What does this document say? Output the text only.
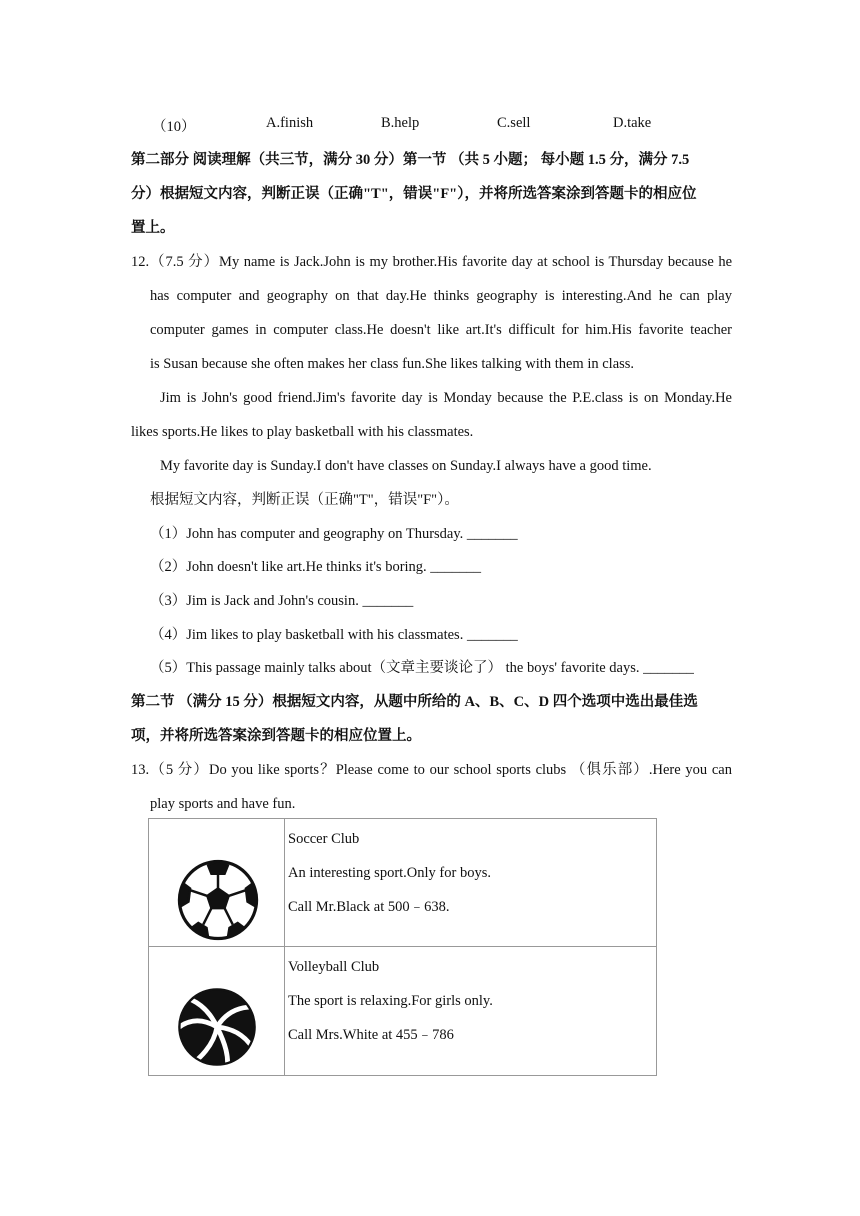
（10）	A.finish	B.help	C.sell	D.take
第二部分 阅读理解（共三节，满分 30 分）第一节 （共 5 小题； 每小题 1.5 分，满分 7.5
分）根据短文内容，判断正误（正确"T"，错误"F"），并将所选答案涂到答题卡的相应位
置上。
12.（7.5 分）My name is Jack.John is my brother.His favorite day at school is Thursday because he
has computer and geography on that day.He thinks geography is interesting.And he can play
computer games in computer class.He doesn't like art.It's difficult for him.His favorite teacher
is Susan because she often makes her class fun.She likes talking with them in class.
Jim is John's good friend.Jim's favorite day is Monday because the P.E.class is on Monday.He
likes sports.He likes to play basketball with his classmates.
My favorite day is Sunday.I don't have classes on Sunday.I always have a good time.
根据短文内容，判断正误（正确"T"，错误"F"）。
（1）John has computer and geography on Thursday. _______
（2）John doesn't like art.He thinks it's boring. _______
（3）Jim is Jack and John's cousin. _______
（4）Jim likes to play basketball with his classmates. _______
（5）This passage mainly talks about（文章主要谈论了） the boys' favorite days. _______
第二节 （满分 15 分）根据短文内容，从题中所给的 A、B、C、D 四个选项中选出最佳选
项，并将所选答案涂到答题卡的相应位置上。
13.（5 分）Do you like sports？Please come to our school sports clubs （俱乐部）.Here you can
play sports and have fun.

Soccer Club
An interesting sport.Only for boys.
Call Mr.Black at 500﹣638.

Volleyball Club
The sport is relaxing.For girls only.
Call Mrs.White at 455﹣786
